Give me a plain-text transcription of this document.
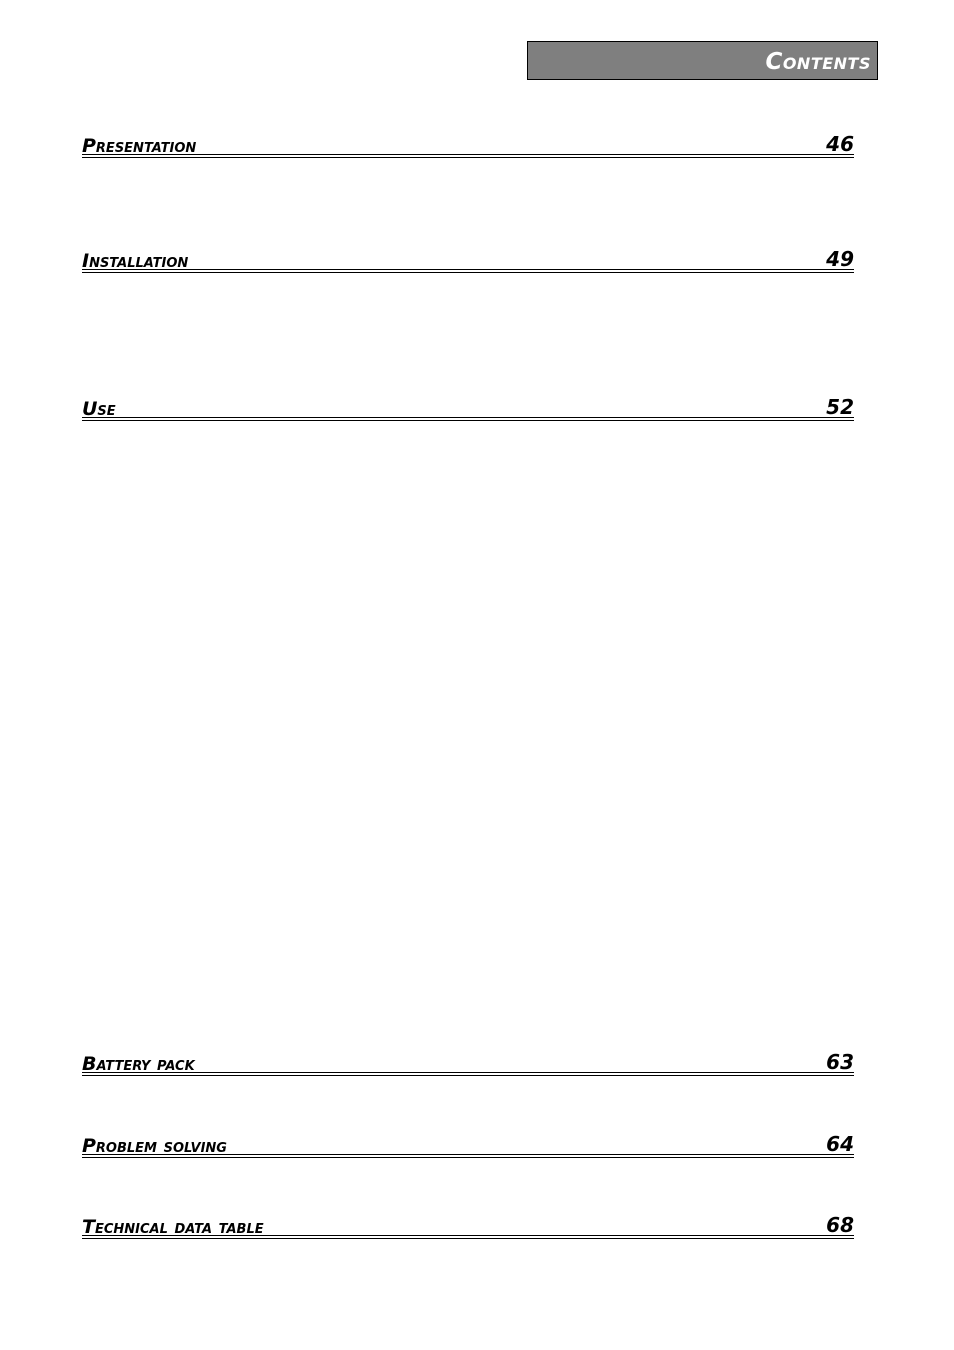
Contents
Presentation	46
Installation	49
Use	52
Battery pack	63
Problem solving	64
Technical data table	68
